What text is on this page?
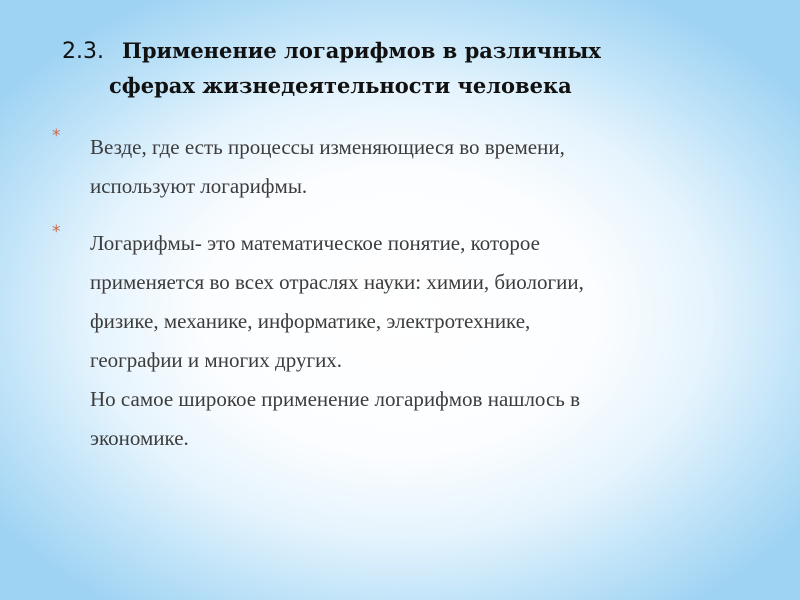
2.3. Применение логарифмов в различных
сферах жизнедеятельности человека
* Везде, где есть процессы изменяющиеся во времени,
используют логарифмы.
* Логарифмы- это математическое понятие, которое
применяется во всех отраслях науки: химии, биологии,
физике, механике, информатике, электротехнике,
географии и многих других.
Но самое широкое применение логарифмов нашлось в
экономике.
